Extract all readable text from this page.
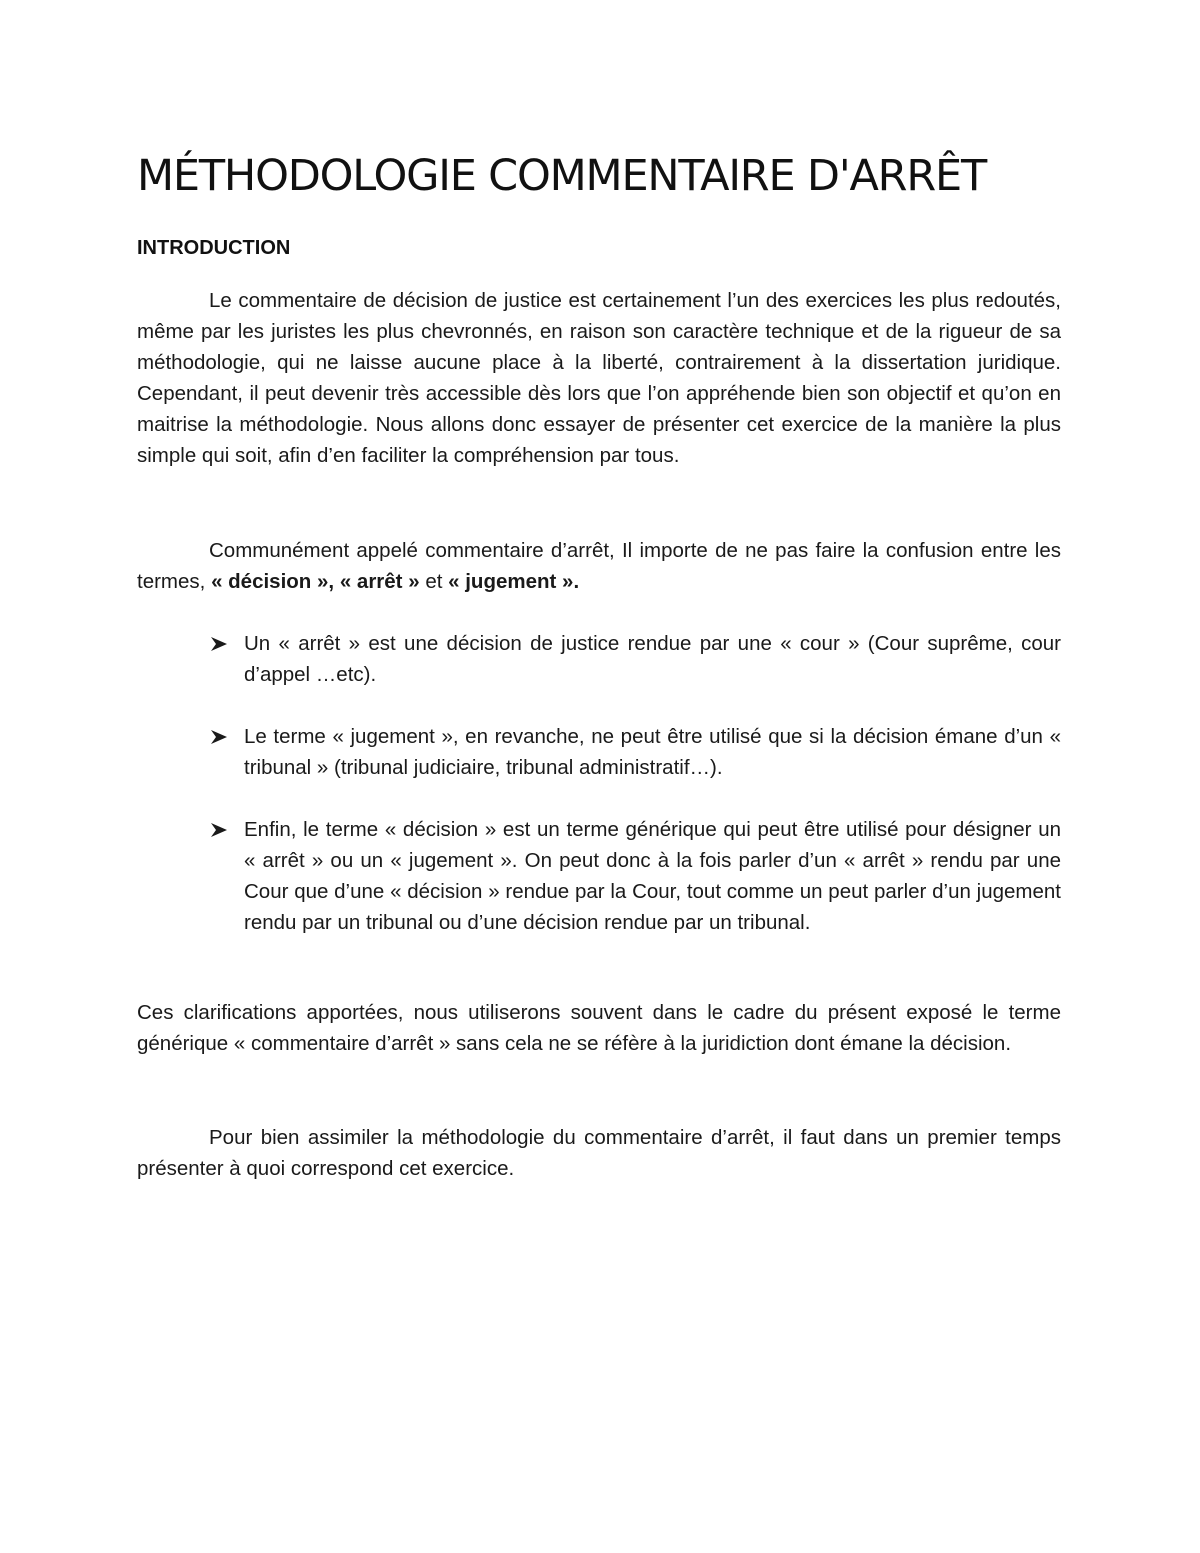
MÉTHODOLOGIE COMMENTAIRE D'ARRÊT
INTRODUCTION

Le commentaire de décision de justice est certainement l’un des exercices les plus redoutés, même par les juristes les plus chevronnés, en raison son caractère technique et de la rigueur de sa méthodologie, qui ne laisse aucune place à la liberté, contrairement à la dissertation juridique. Cependant, il peut devenir très accessible dès lors que l’on appréhende bien son objectif et qu’on en maitrise la méthodologie. Nous allons donc essayer de présenter cet exercice de la manière la plus simple qui soit, afin d’en faciliter la compréhension par tous.

Communément appelé commentaire d’arrêt, Il importe de ne pas faire la confusion entre les termes, « décision », « arrêt » et « jugement ».

Un « arrêt » est une décision de justice rendue par une « cour » (Cour suprême, cour d’appel …etc).
Le terme « jugement », en revanche, ne peut être utilisé que si la décision émane d’un « tribunal » (tribunal judiciaire, tribunal administratif…).
Enfin, le terme « décision » est un terme générique qui peut être utilisé pour désigner un « arrêt » ou un « jugement ». On peut donc à la fois parler d’un « arrêt » rendu par une Cour que d’une « décision » rendue par la Cour, tout comme un peut parler d’un jugement rendu par un tribunal ou d’une décision rendue par un tribunal.

Ces clarifications apportées, nous utiliserons souvent dans le cadre du présent exposé le terme générique « commentaire d’arrêt » sans cela ne se réfère à la juridiction dont émane la décision.

Pour bien assimiler la méthodologie du commentaire d’arrêt, il faut dans un premier temps présenter à quoi correspond cet exercice.
